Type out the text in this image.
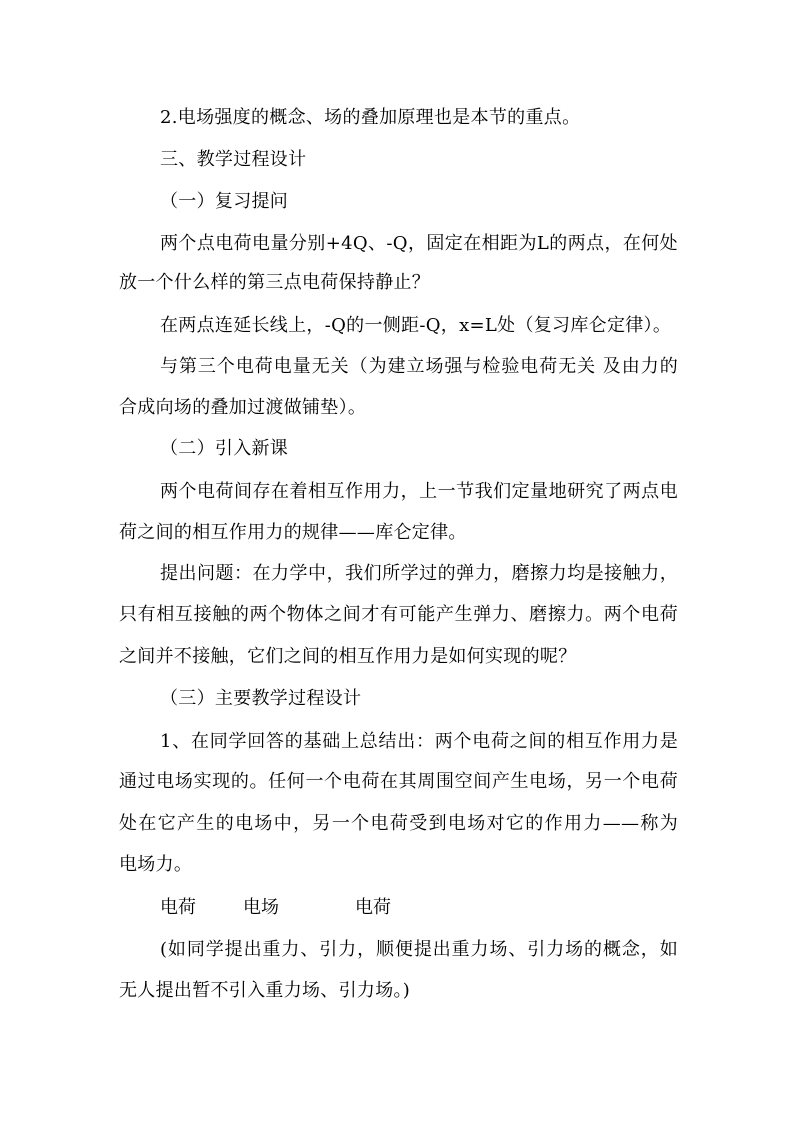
2.电场强度的概念、场的叠加原理也是本节的重点。
三、教学过程设计
（一）复习提问
两个点电荷电量分别+4Q、-Q，固定在相距为L的两点，在何处
放一个什么样的第三点电荷保持静止？
在两点连延长线上，-Q的一侧距-Q，x=L处（复习库仑定律）。
与第三个电荷电量无关（为建立场强与检验电荷无关 及由力的
合成向场的叠加过渡做铺垫）。
（二）引入新课
两个电荷间存在着相互作用力，上一节我们定量地研究了两点电
荷之间的相互作用力的规律——库仑定律。
提出问题：在力学中，我们所学过的弹力，磨擦力均是接触力，
只有相互接触的两个物体之间才有可能产生弹力、磨擦力。两个电荷
之间并不接触，它们之间的相互作用力是如何实现的呢？
（三）主要教学过程设计
1、在同学回答的基础上总结出：两个电荷之间的相互作用力是
通过电场实现的。任何一个电荷在其周围空间产生电场，另一个电荷
处在它产生的电场中，另一个电荷受到电场对它的作用力——称为
电场力。
电荷	电场	电荷
(如同学提出重力、引力，顺便提出重力场、引力场的概念，如
无人提出暂不引入重力场、引力场。)
